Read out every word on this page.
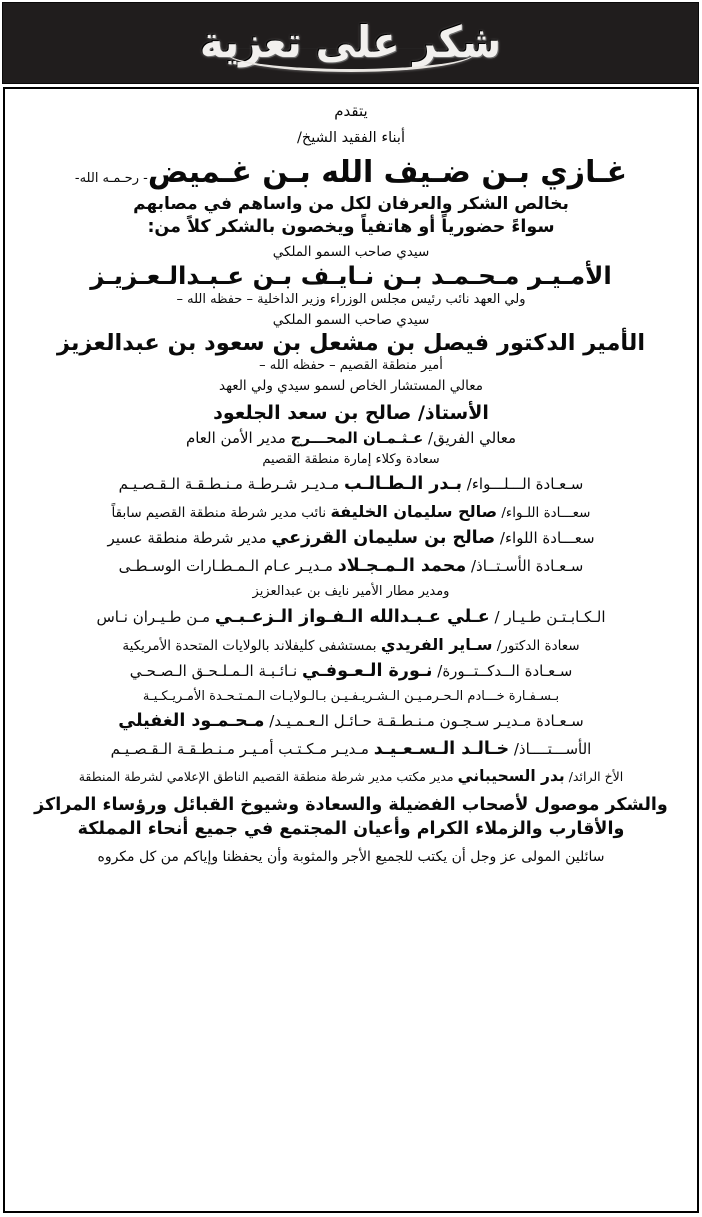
شكر على تعزية
يتقدم
أبناء الفقيد الشيخ/
غـازي بـن ضـيف الله بـن غـميض- رحـمـه الله-
بخالص الشكر والعرفان لكل من واساهم في مصابهم
سواءً حضورياً أو هاتفياً ويخصون بالشكر كلاً من:
سيدي صاحب السمو الملكي
الأمـيـر مـحـمـد بـن نـايـف بـن عـبـدالـعـزيـز
ولي العهد نائب رئيس مجلس الوزراء وزير الداخلية – حفظه الله –
سيدي صاحب السمو الملكي
الأمير الدكتور فيصل بن مشعل بن سعود بن عبدالعزيز
أمير منطقة القصيم – حفظه الله –
معالي المستشار الخاص لسمو سيدي ولي العهد
الأستاذ/ صالح بن سعد الجلعود
معالي الفريق/ عـثـمـان المحـــرج مدير الأمن العام
سعادة وكلاء إمارة منطقة القصيم
سـعـادة الـــلـــواء/ بـدر الـطـالـب مـديـر شـرطـة مـنـطـقـة الـقـصـيـم
سعـــادة اللـواء/ صالح سليمان الخليفة نائب مدير شرطة منطقة القصيم سابقاً
سعـــادة اللواء/ صالح بن سليمان القرزعي مدير شرطة منطقة عسير
سـعـادة الأسـتــاذ/ محمد الـمـجـلاد مـديـر عـام الـمـطـارات الوسـطـى
ومدير مطار الأمير نايف بن عبدالعزيز
الـكـابـتـن طـيـار / عـلي عـبـدالله الـفـواز الـزعـبـي مـن طـيـران نـاس
سعادة الدكتور/ سـاير الفريدي بمستشفى كليفلاند بالولايات المتحدة الأمريكية
سـعـادة الــدكــتــورة/ نـورة الـعـوفـي نـائـبـة الـمـلـحـق الـصـحـي
بـسـفـارة خـــادم الـحـرمـيـن الـشـريـفـيـن بـالـولايـات الـمـتـحـدة الأمـريـكـيـة
سـعـادة مـديـر سـجـون مـنـطـقـة حـائـل الـعـمـيـد/ مـحـمـود الغفيلي
الأســـتــــاذ/ خـالـد الـسـعـيـد مـديـر مـكـتـب أمـيـر مـنـطـقـة الـقـصـيـم
الأخ الرائد/ بدر السحيباني مدير مكتب مدير شرطة منطقة القصيم الناطق الإعلامي لشرطة المنطقة
والشكر موصول لأصحاب الفضيلة والسعادة وشيوخ القبائل ورؤساء المراكز
والأقارب والزملاء الكرام وأعيان المجتمع في جميع أنحاء المملكة
سائلين المولى عز وجل أن يكتب للجميع الأجر والمثوبة وأن يحفظنا وإياكم من كل مكروه
